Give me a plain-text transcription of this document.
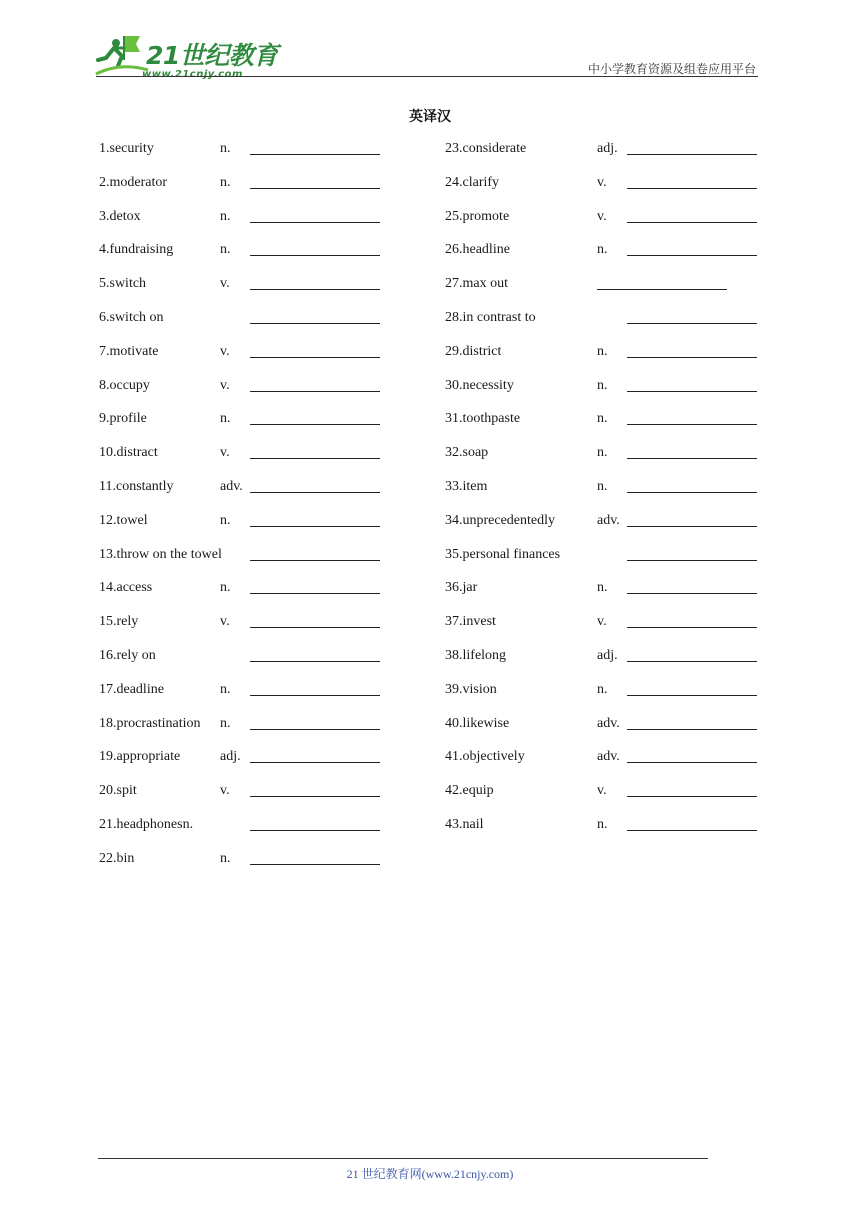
21世纪教育
www.21cnjy.com	中小学教育资源及组卷应用平台
英译汉
1.security	n.
2.moderator	n.
3.detox	n.
4.fundraising	n.
5.switch	v.
6.switch on
7.motivate	v.
8.occupy	v.
9.profile	n.
10.distract	v.
11.constantly	adv.
12.towel	n.
13.throw on the towel
14.access	n.
15.rely	v.
16.rely on
17.deadline	n.
18.procrastination n.
19.appropriate	adj.
20.spit	v.
21.headphonesn.
22.bin	n.
23.considerate	adj.
24.clarify	v.
25.promote	v.
26.headline	n.
27.max out
28.in contrast to
29.district	n.
30.necessity	n.
31.toothpaste	n.
32.soap	n.
33.item	n.
34.unprecedentedly	adv.
35.personal finances
36.jar	n.
37.invest	v.
38.lifelong	adj.
39.vision	n.
40.likewise	adv.
41.objectively	adv.
42.equip	v.
43.nail	n.
21 世纪教育网(www.21cnjy.com)
